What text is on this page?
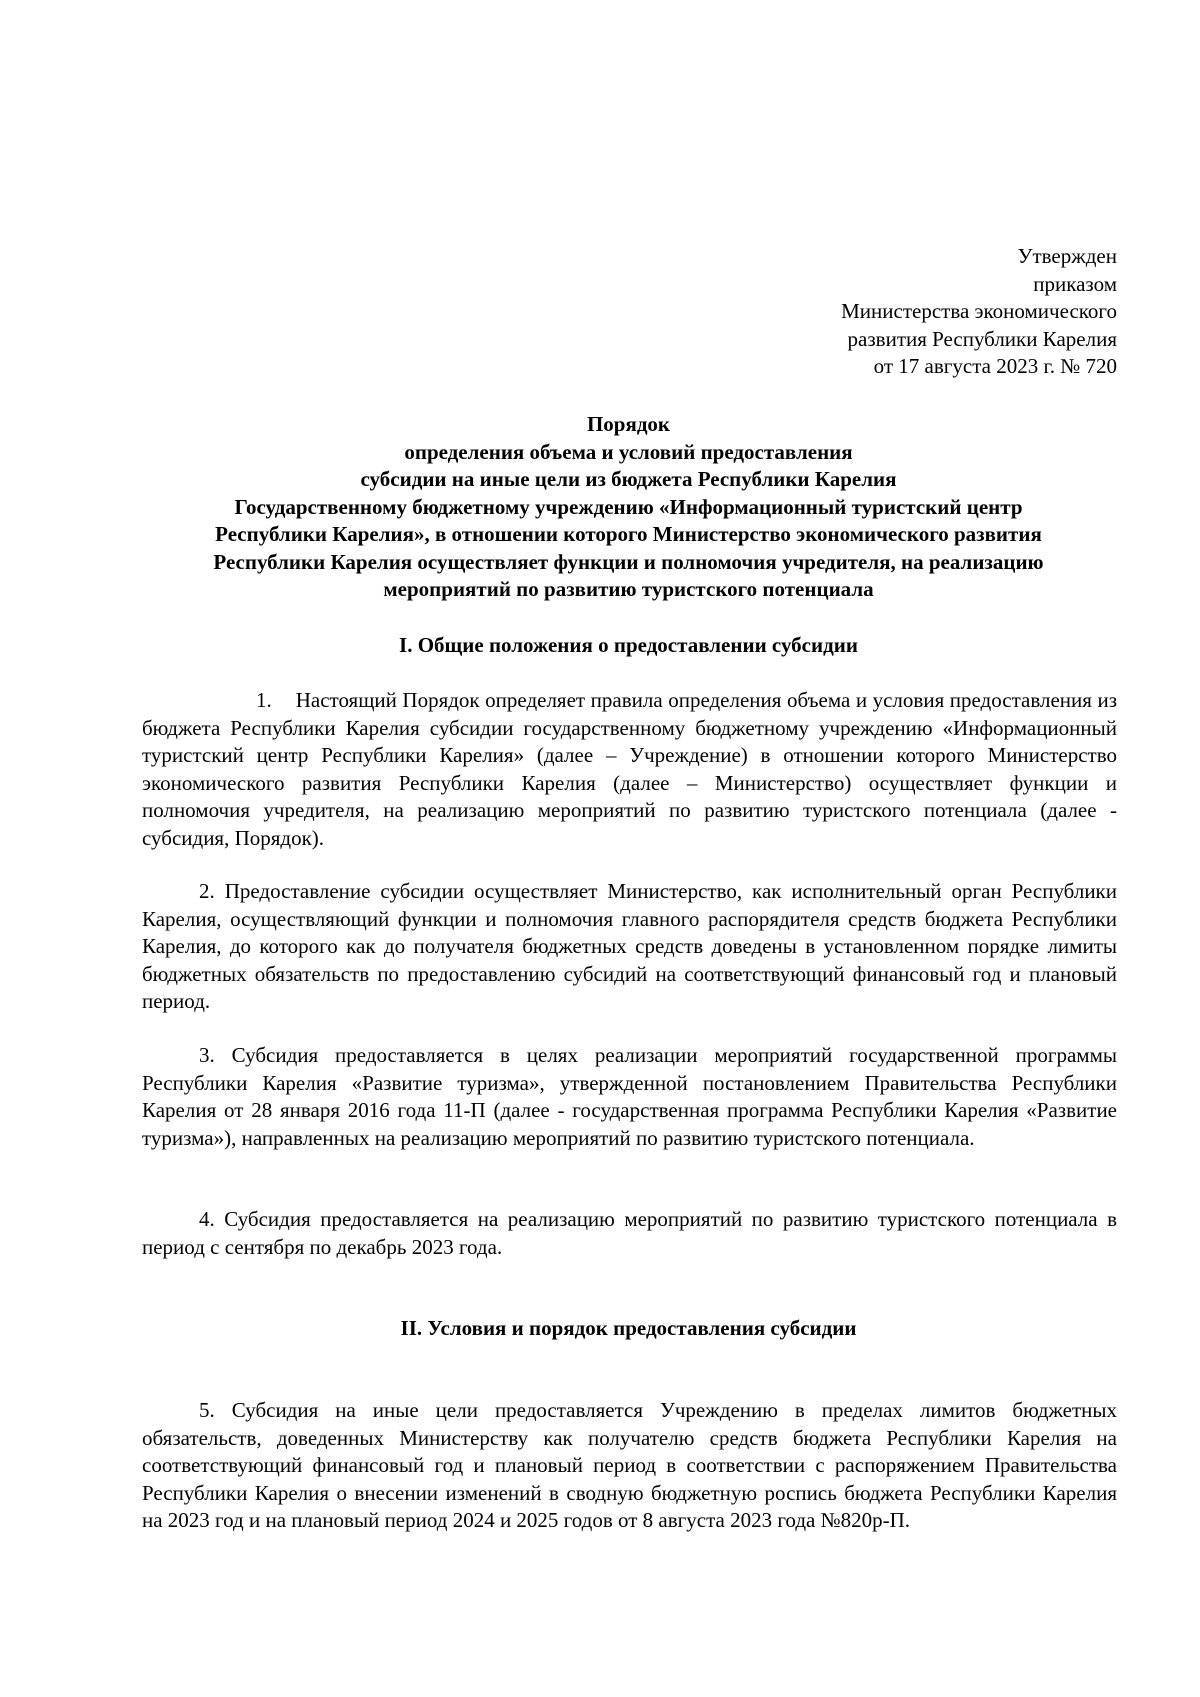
Утвержден
приказом
Министерства экономического
развития Республики Карелия
от 17 августа 2023 г. № 720
Порядок
определения объема и условий предоставления
субсидии на иные цели из бюджета Республики Карелия
Государственному бюджетному учреждению «Информационный туристский центр
Республики Карелия», в отношении которого Министерство экономического развития
Республики Карелия осуществляет функции и полномочия учредителя, на реализацию
мероприятий по развитию туристского потенциала
I. Общие положения о предоставлении субсидии
1. Настоящий Порядок определяет правила определения объема и условия предоставления из бюджета Республики Карелия субсидии государственному бюджетному учреждению «Информационный туристский центр Республики Карелия» (далее – Учреждение) в отношении которого Министерство экономического развития Республики Карелия (далее – Министерство) осуществляет функции и полномочия учредителя, на реализацию мероприятий по развитию туристского потенциала (далее - субсидия, Порядок).
2. Предоставление субсидии осуществляет Министерство, как исполнительный орган Республики Карелия, осуществляющий функции и полномочия главного распорядителя средств бюджета Республики Карелия, до которого как до получателя бюджетных средств доведены в установленном порядке лимиты бюджетных обязательств по предоставлению субсидий на соответствующий финансовый год и плановый период.
3. Субсидия предоставляется в целях реализации мероприятий государственной программы Республики Карелия «Развитие туризма», утвержденной постановлением Правительства Республики Карелия от 28 января 2016 года 11-П (далее - государственная программа Республики Карелия «Развитие туризма»), направленных на реализацию мероприятий по развитию туристского потенциала.
4. Субсидия предоставляется на реализацию мероприятий по развитию туристского потенциала в период с сентября по декабрь 2023 года.
II. Условия и порядок предоставления субсидии
5. Субсидия на иные цели предоставляется Учреждению в пределах лимитов бюджетных обязательств, доведенных Министерству как получателю средств бюджета Республики Карелия на соответствующий финансовый год и плановый период в соответствии с распоряжением Правительства Республики Карелия о внесении изменений в сводную бюджетную роспись бюджета Республики Карелия на 2023 год и на плановый период 2024 и 2025 годов от 8 августа 2023 года №820р-П.
